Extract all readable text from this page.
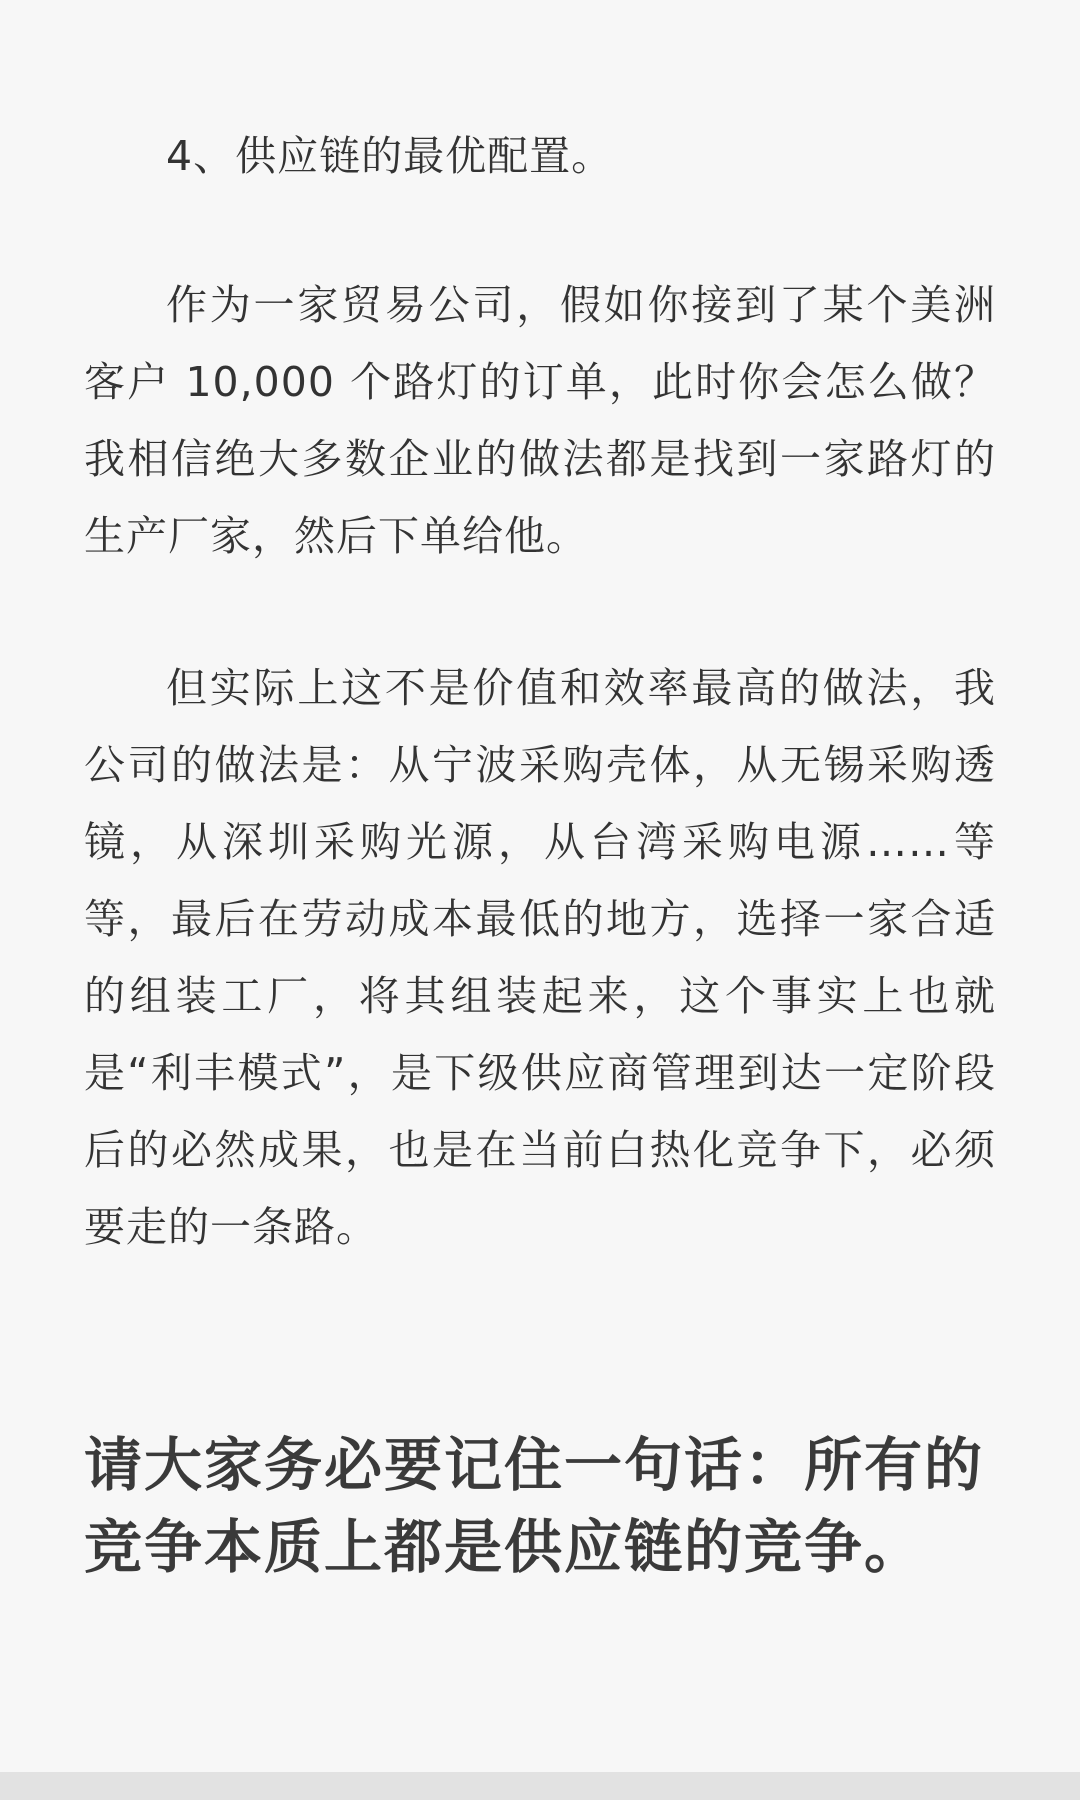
4、供应链的最优配置。

作为一家贸易公司，假如你接到了某个美洲客户 10,000 个路灯的订单，此时你会怎么做？我相信绝大多数企业的做法都是找到一家路灯的生产厂家，然后下单给他。

但实际上这不是价值和效率最高的做法，我公司的做法是：从宁波采购壳体，从无锡采购透镜，从深圳采购光源，从台湾采购电源……等等，最后在劳动成本最低的地方，选择一家合适的组装工厂，将其组装起来，这个事实上也就是“利丰模式”，是下级供应商管理到达一定阶段后的必然成果，也是在当前白热化竞争下，必须要走的一条路。

请大家务必要记住一句话：所有的竞争本质上都是供应链的竞争。
